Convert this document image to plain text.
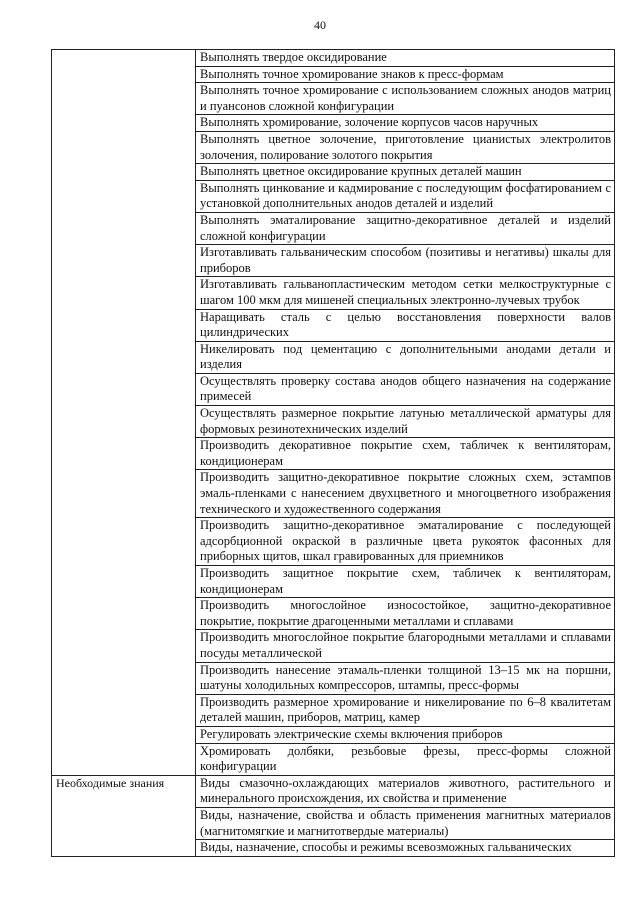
40
	Выполнять твердое оксидирование
	Выполнять точное хромирование знаков к пресс-формам
	Выполнять точное хромирование с использованием сложных анодов матриц и пуансонов сложной конфигурации
	Выполнять хромирование, золочение корпусов часов наручных
	Выполнять цветное золочение, приготовление цианистых электролитов золочения, полирование золотого покрытия
	Выполнять цветное оксидирование крупных деталей машин
	Выполнять цинкование и кадмирование с последующим фосфатированием с установкой дополнительных анодов деталей и изделий
	Выполнять эматалирование защитно-декоративное деталей и изделий сложной конфигурации
	Изготавливать гальваническим способом (позитивы и негативы) шкалы для приборов
	Изготавливать гальванопластическим методом сетки мелкоструктурные с шагом 100 мкм для мишеней специальных электронно-лучевых трубок
	Наращивать сталь с целью восстановления поверхности валов цилиндрических
	Никелировать под цементацию с дополнительными анодами детали и изделия
	Осуществлять проверку состава анодов общего назначения на содержание примесей
	Осуществлять размерное покрытие латунью металлической арматуры для формовых резинотехнических изделий
	Производить декоративное покрытие схем, табличек к вентиляторам, кондиционерам
	Производить защитно-декоративное покрытие сложных схем, эстампов эмаль-пленками с нанесением двухцветного и многоцветного изображения технического и художественного содержания
	Производить защитно-декоративное эматалирование с последующей адсорбционной окраской в различные цвета рукояток фасонных для приборных щитов, шкал гравированных для приемников
	Производить защитное покрытие схем, табличек к вентиляторам, кондиционерам
	Производить многослойное износостойкое, защитно-декоративное покрытие, покрытие драгоценными металлами и сплавами
	Производить многослойное покрытие благородными металлами и сплавами посуды металлической
	Производить нанесение этамаль-пленки толщиной 13–15 мк на поршни, шатуны холодильных компрессоров, штампы, пресс-формы
	Производить размерное хромирование и никелирование по 6–8 квалитетам деталей машин, приборов, матриц, камер
	Регулировать электрические схемы включения приборов
	Хромировать долбяки, резьбовые фрезы, пресс-формы сложной конфигурации
Необходимые знания	Виды смазочно-охлаждающих материалов животного, растительного и минерального происхождения, их свойства и применение
	Виды, назначение, свойства и область применения магнитных материалов (магнитомягкие и магнитотвердые материалы)

	Виды, назначение, способы и режимы всевозможных гальванических
